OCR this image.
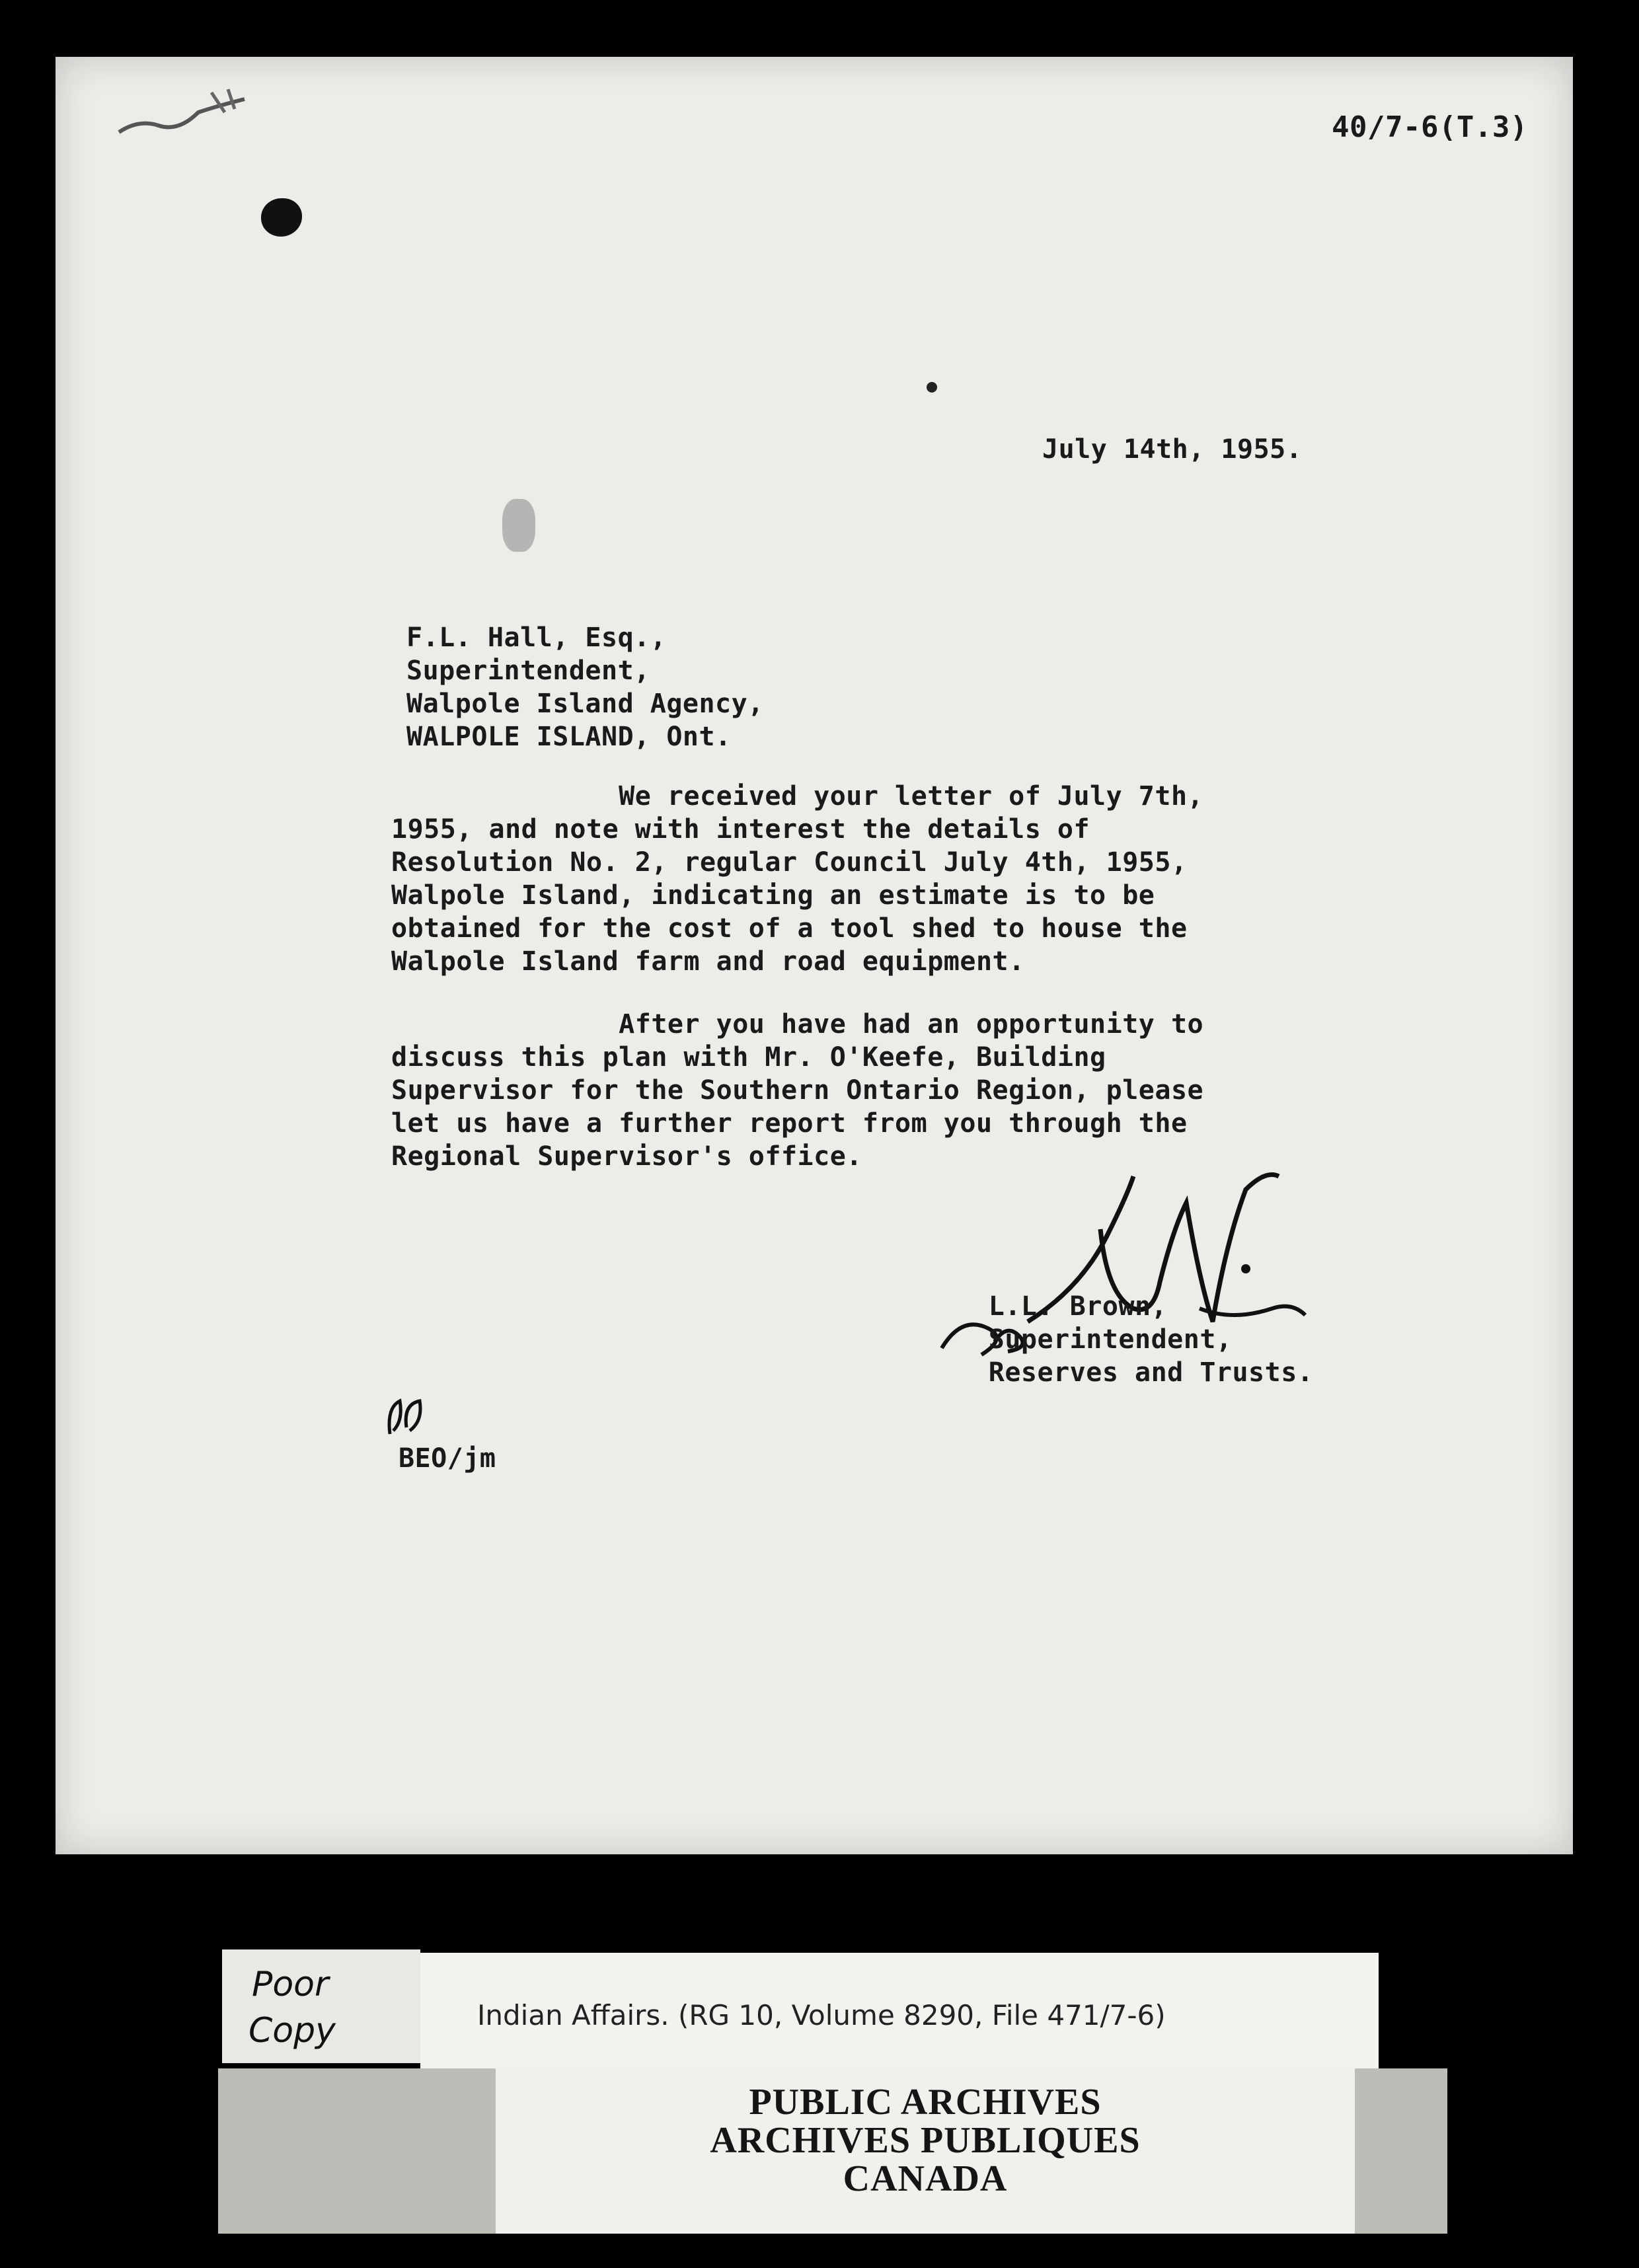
40/7-6(T.3)
July 14th, 1955.
F.L. Hall, Esq.,
Superintendent,
Walpole Island Agency,
WALPOLE ISLAND, Ont.
We received your letter of July 7th,
1955, and note with interest the details of
Resolution No. 2, regular Council July 4th, 1955,
Walpole Island, indicating an estimate is to be
obtained for the cost of a tool shed to house the
Walpole Island farm and road equipment.
After you have had an opportunity to
discuss this plan with Mr. O'Keefe, Building
Supervisor for the Southern Ontario Region, please
let us have a further report from you through the
Regional Supervisor's office.
L.L. Brown,
Superintendent,
Reserves and Trusts.
BEO/jm
Poor
Copy	Indian Affairs. (RG 10, Volume 8290, File 471/7-6)
PUBLIC ARCHIVES
ARCHIVES PUBLIQUES
CANADA
